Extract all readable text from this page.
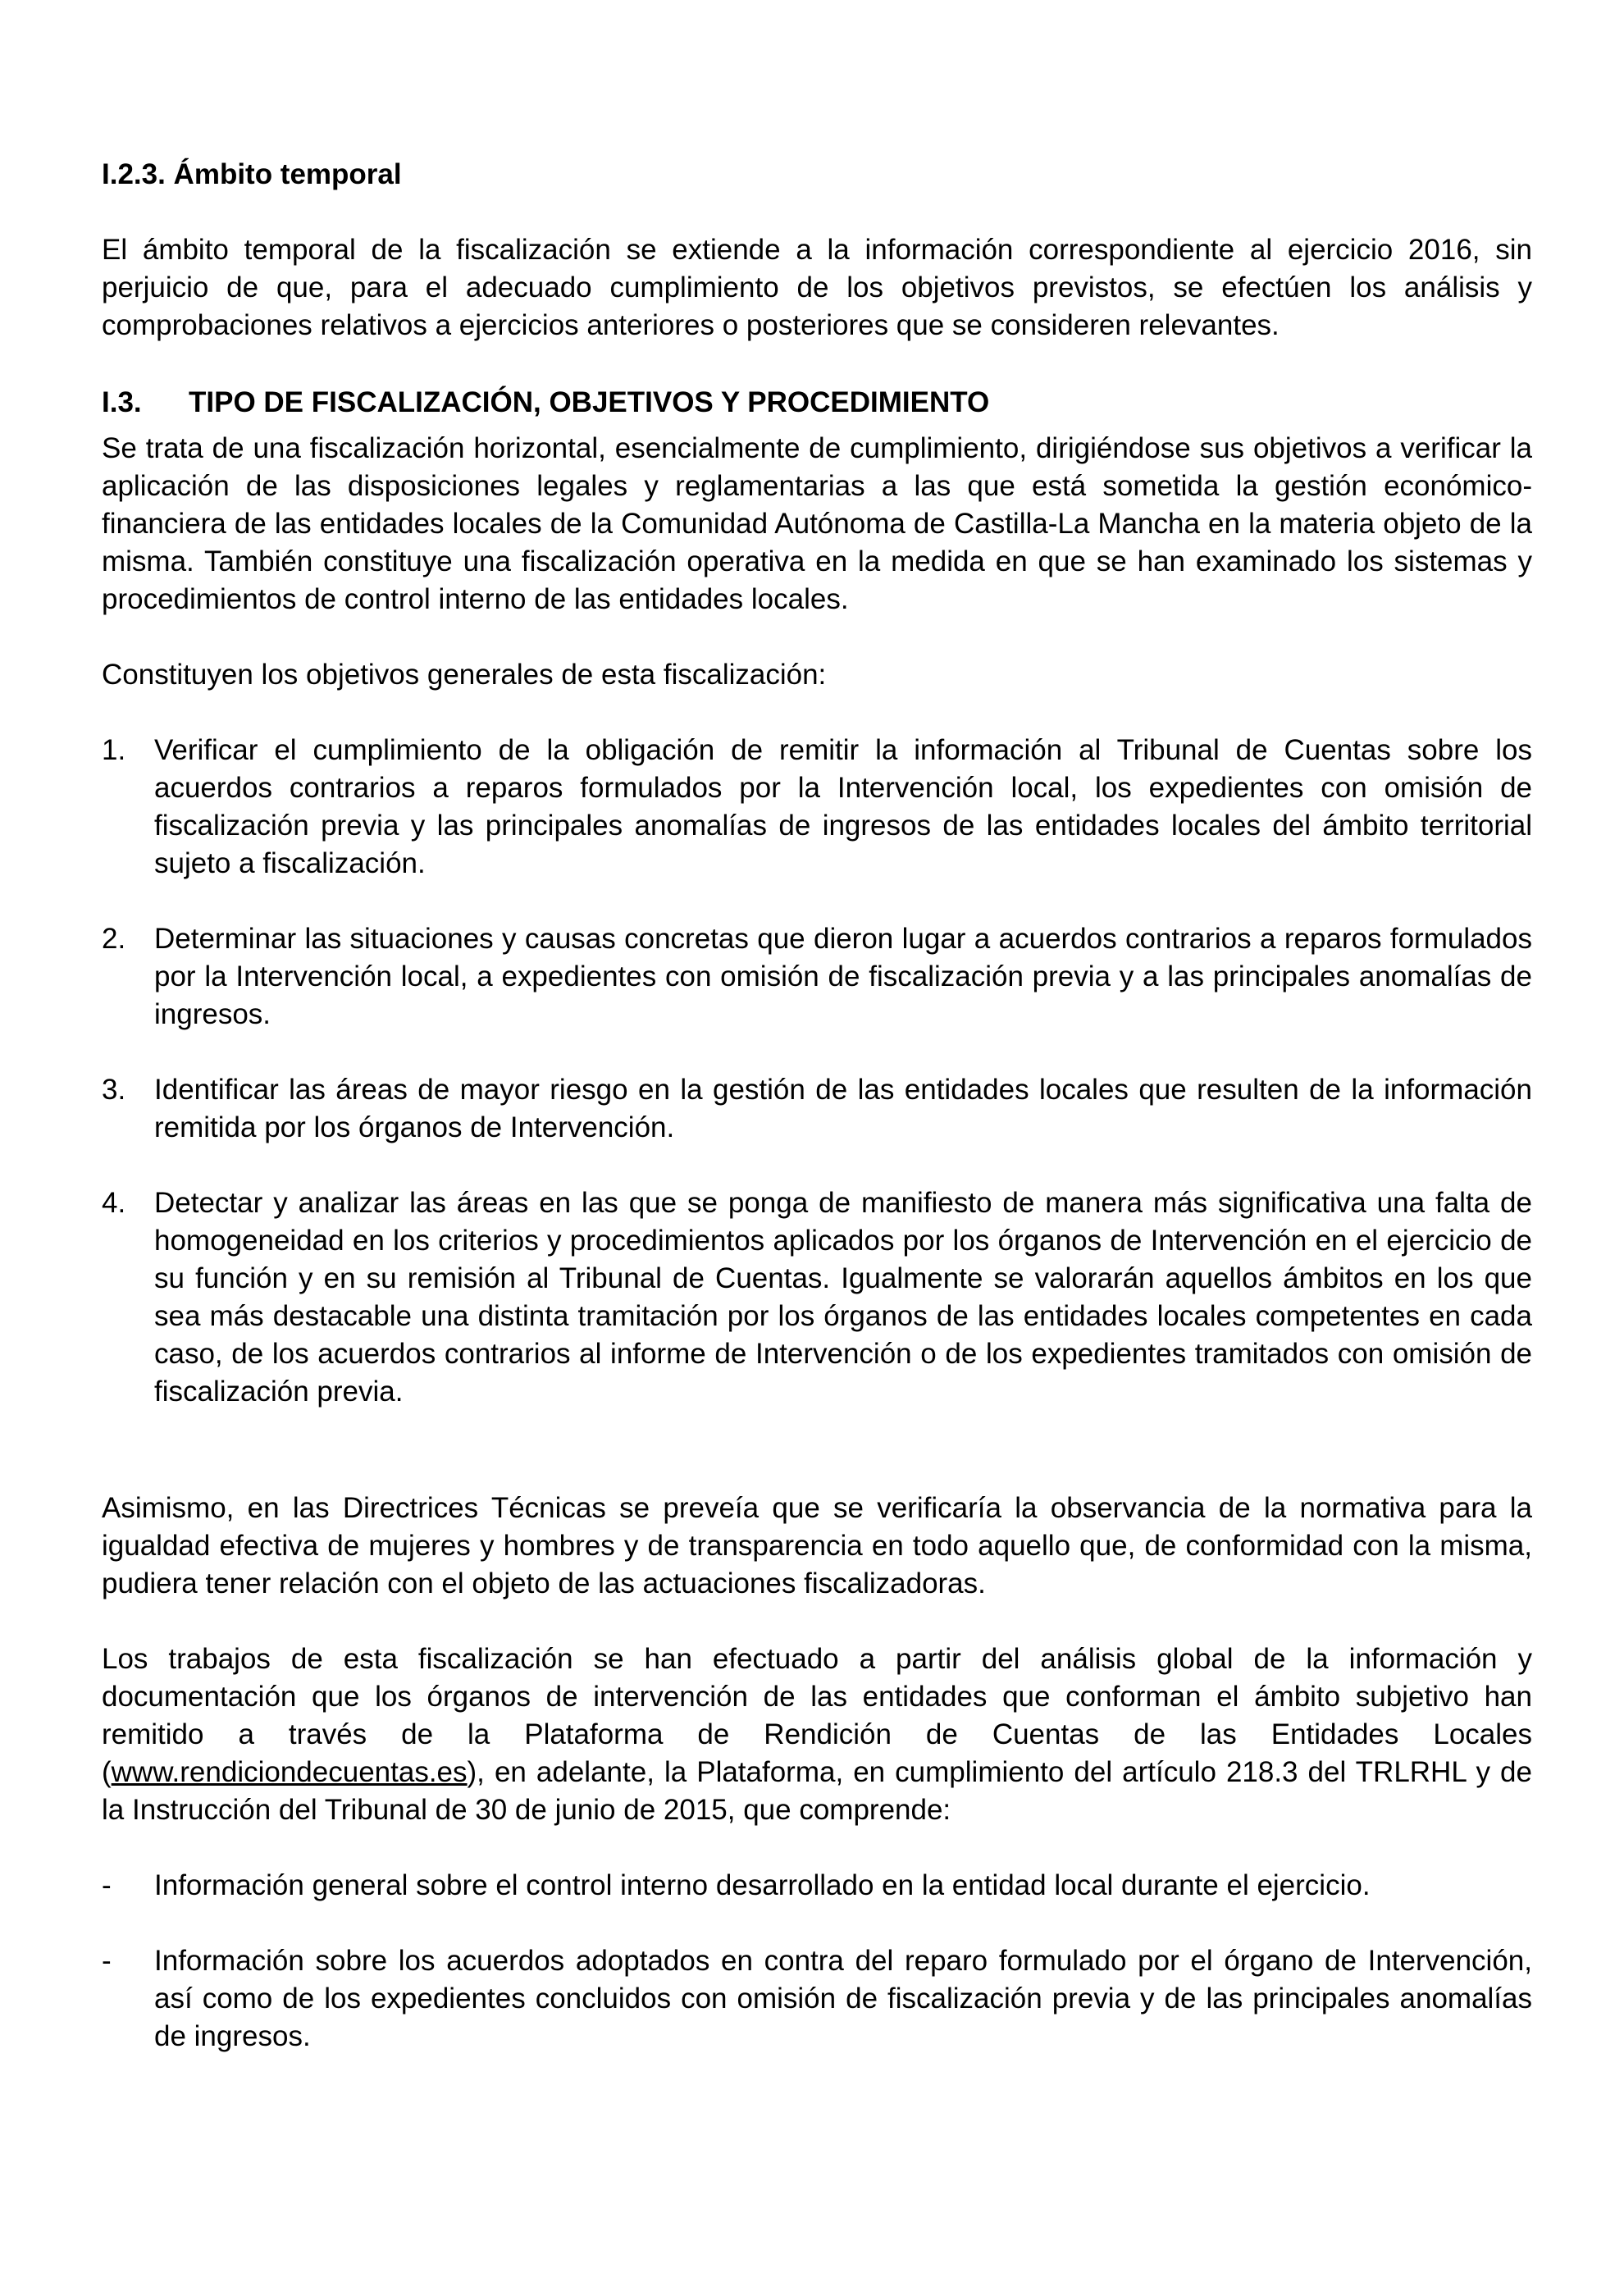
I.2.3. Ámbito temporal

El ámbito temporal de la fiscalización se extiende a la información correspondiente al ejercicio 2016, sin perjuicio de que, para el adecuado cumplimiento de los objetivos previstos, se efectúen los análisis y comprobaciones relativos a ejercicios anteriores o posteriores que se consideren relevantes.

I.3.	TIPO DE FISCALIZACIÓN, OBJETIVOS Y PROCEDIMIENTO

Se trata de una fiscalización horizontal, esencialmente de cumplimiento, dirigiéndose sus objetivos a verificar la aplicación de las disposiciones legales y reglamentarias a las que está sometida la gestión económico-financiera de las entidades locales de la Comunidad Autónoma de Castilla-La Mancha en la materia objeto de la misma. También constituye una fiscalización operativa en la medida en que se han examinado los sistemas y procedimientos de control interno de las entidades locales.

Constituyen los objetivos generales de esta fiscalización:

1. Verificar el cumplimiento de la obligación de remitir la información al Tribunal de Cuentas sobre los acuerdos contrarios a reparos formulados por la Intervención local, los expedientes con omisión de fiscalización previa y las principales anomalías de ingresos de las entidades locales del ámbito territorial sujeto a fiscalización.
2. Determinar las situaciones y causas concretas que dieron lugar a acuerdos contrarios a reparos formulados por la Intervención local, a expedientes con omisión de fiscalización previa y a las principales anomalías de ingresos.
3. Identificar las áreas de mayor riesgo en la gestión de las entidades locales que resulten de la información remitida por los órganos de Intervención.
4. Detectar y analizar las áreas en las que se ponga de manifiesto de manera más significativa una falta de homogeneidad en los criterios y procedimientos aplicados por los órganos de Intervención en el ejercicio de su función y en su remisión al Tribunal de Cuentas. Igualmente se valorarán aquellos ámbitos en los que sea más destacable una distinta tramitación por los órganos de las entidades locales competentes en cada caso, de los acuerdos contrarios al informe de Intervención o de los expedientes tramitados con omisión de fiscalización previa.

Asimismo, en las Directrices Técnicas se preveía que se verificaría la observancia de la normativa para la igualdad efectiva de mujeres y hombres y de transparencia en todo aquello que, de conformidad con la misma, pudiera tener relación con el objeto de las actuaciones fiscalizadoras.

Los trabajos de esta fiscalización se han efectuado a partir del análisis global de la información y documentación que los órganos de intervención de las entidades que conforman el ámbito subjetivo han remitido a través de la Plataforma de Rendición de Cuentas de las Entidades Locales (www.rendiciondecuentas.es), en adelante, la Plataforma, en cumplimiento del artículo 218.3 del TRLRHL y de la Instrucción del Tribunal de 30 de junio de 2015, que comprende:

-	Información general sobre el control interno desarrollado en la entidad local durante el ejercicio.
-	Información sobre los acuerdos adoptados en contra del reparo formulado por el órgano de Intervención, así como de los expedientes concluidos con omisión de fiscalización previa y de las principales anomalías de ingresos.
